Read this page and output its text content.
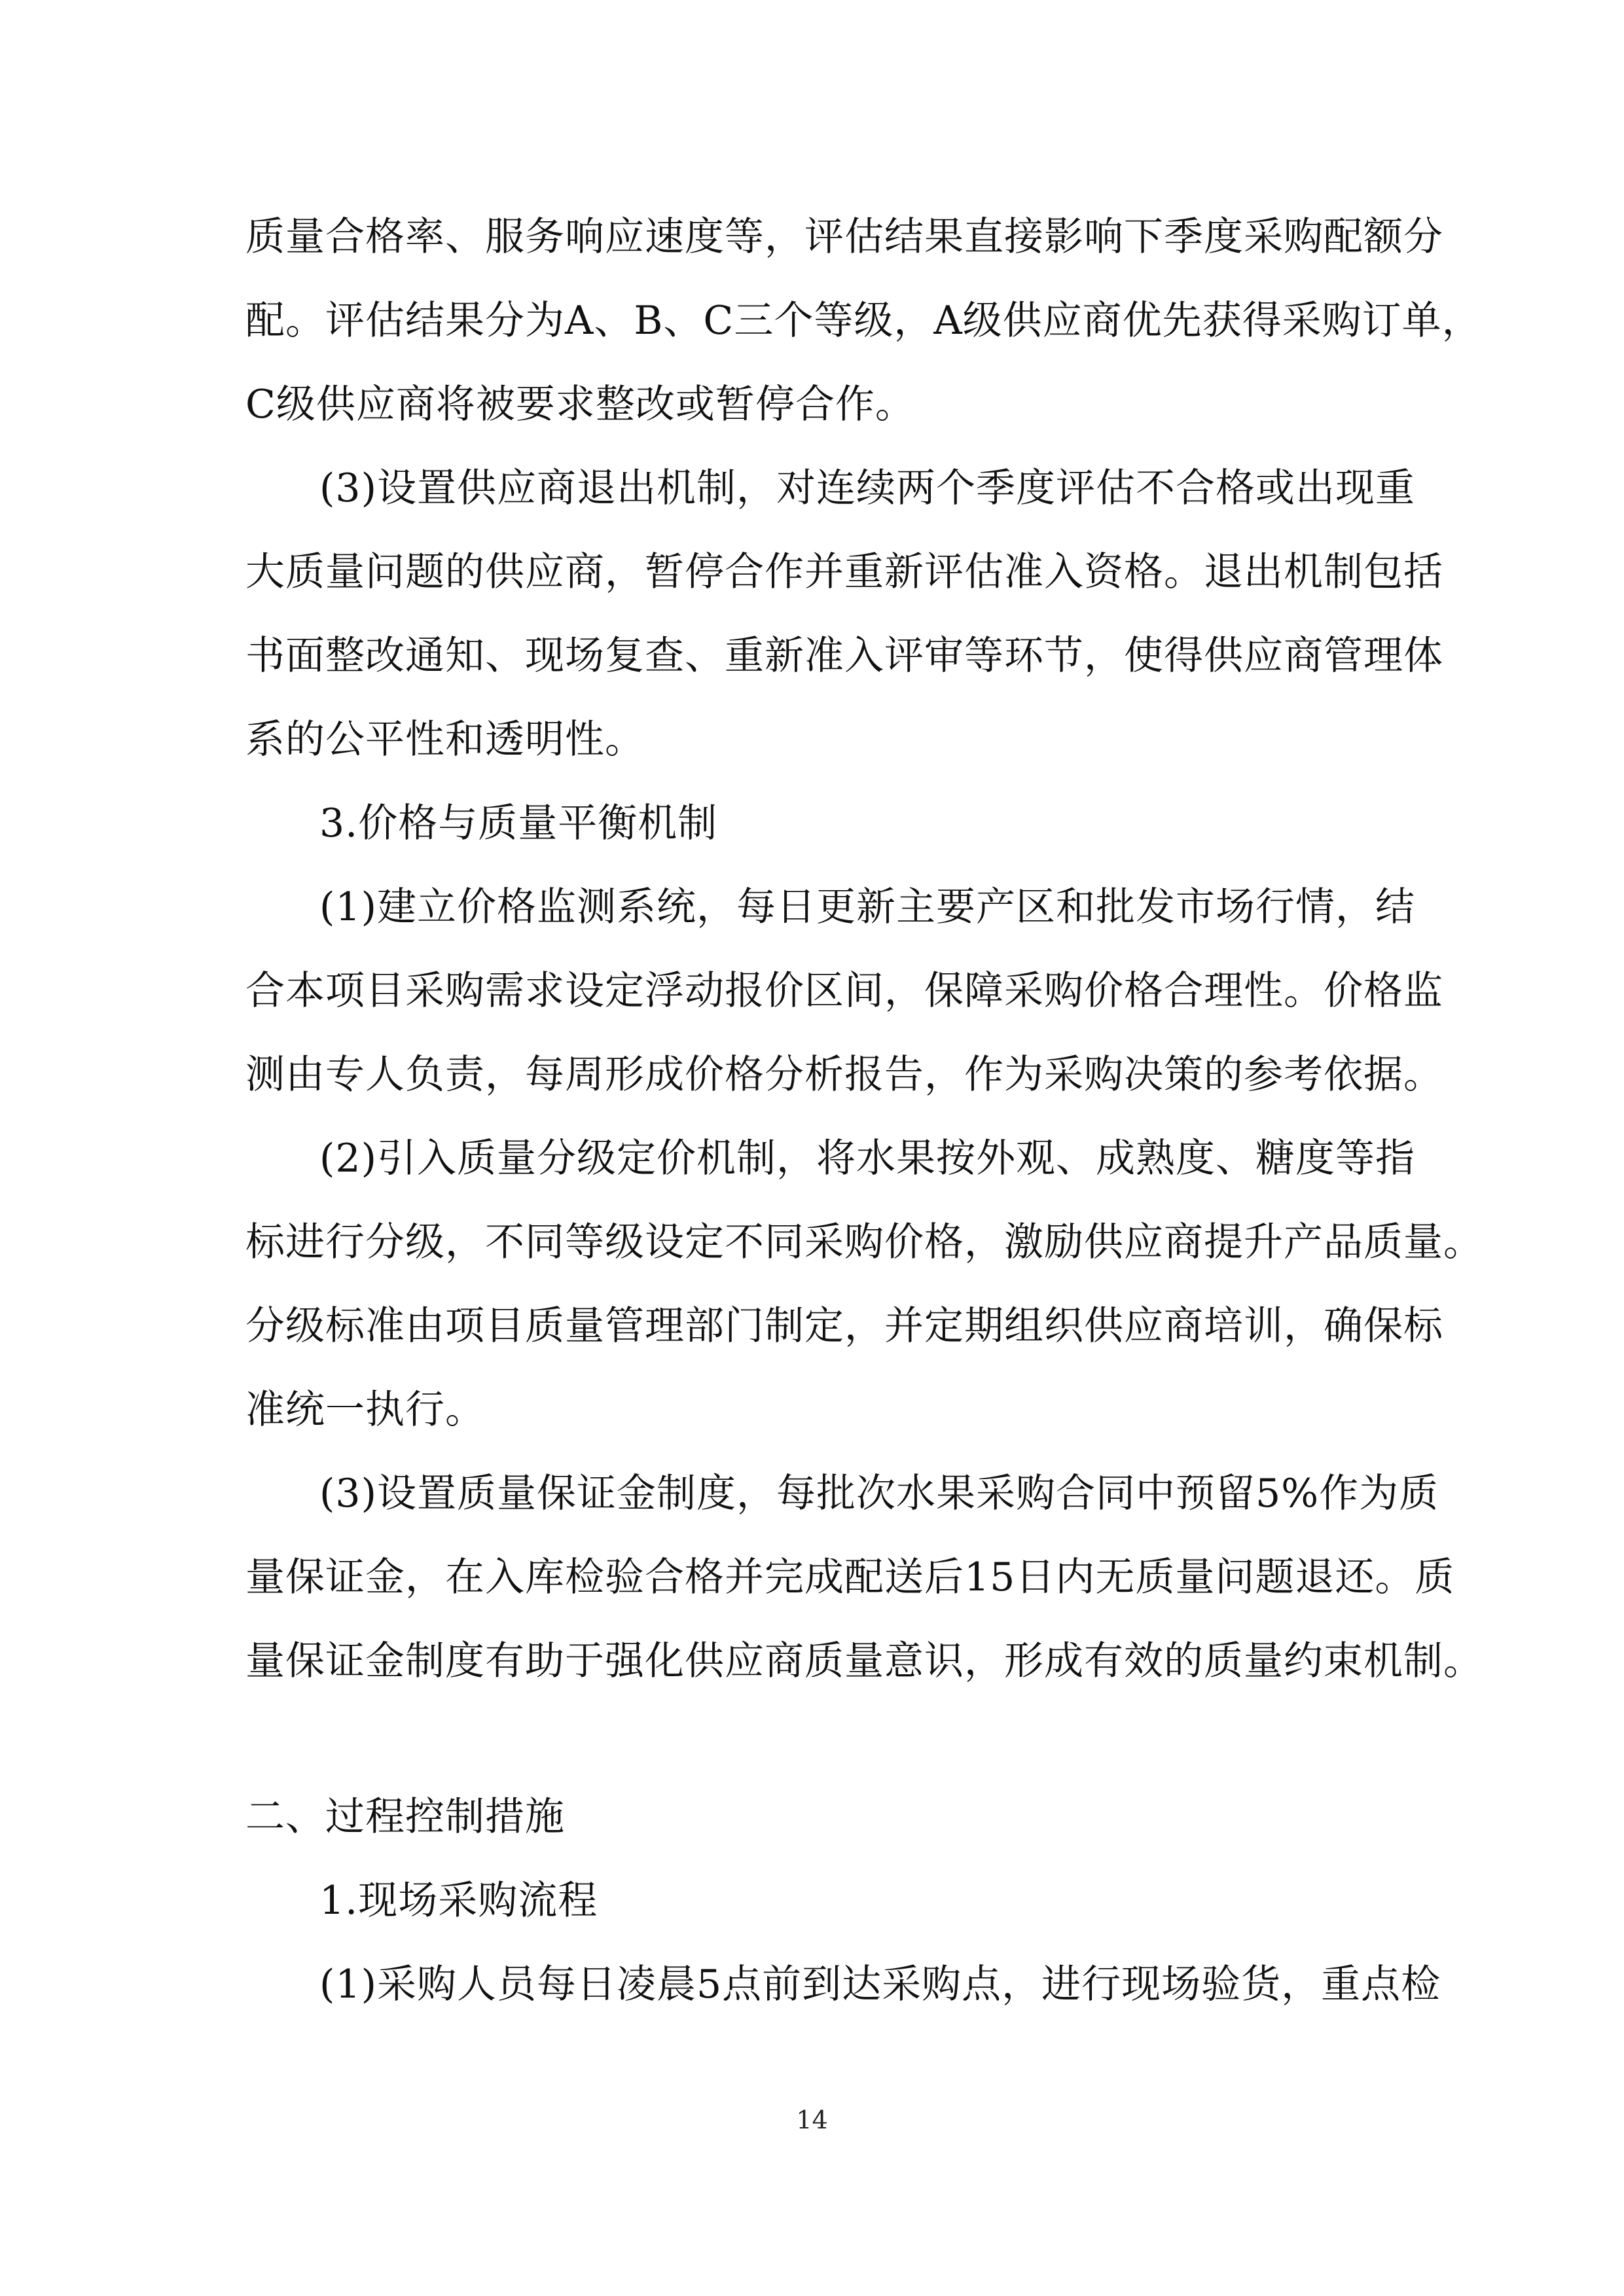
质量合格率、服务响应速度等，评估结果直接影响下季度采购配额分
配。评估结果分为A、B、C三个等级，A级供应商优先获得采购订单，
C级供应商将被要求整改或暂停合作。
(3)设置供应商退出机制，对连续两个季度评估不合格或出现重
大质量问题的供应商，暂停合作并重新评估准入资格。退出机制包括
书面整改通知、现场复查、重新准入评审等环节，使得供应商管理体
系的公平性和透明性。
3.价格与质量平衡机制
(1)建立价格监测系统，每日更新主要产区和批发市场行情，结
合本项目采购需求设定浮动报价区间，保障采购价格合理性。价格监
测由专人负责，每周形成价格分析报告，作为采购决策的参考依据。
(2)引入质量分级定价机制，将水果按外观、成熟度、糖度等指
标进行分级，不同等级设定不同采购价格，激励供应商提升产品质量。
分级标准由项目质量管理部门制定，并定期组织供应商培训，确保标
准统一执行。
(3)设置质量保证金制度，每批次水果采购合同中预留5%作为质
量保证金，在入库检验合格并完成配送后15日内无质量问题退还。质
量保证金制度有助于强化供应商质量意识，形成有效的质量约束机制。
二、过程控制措施
1.现场采购流程
(1)采购人员每日凌晨5点前到达采购点，进行现场验货，重点检
14
